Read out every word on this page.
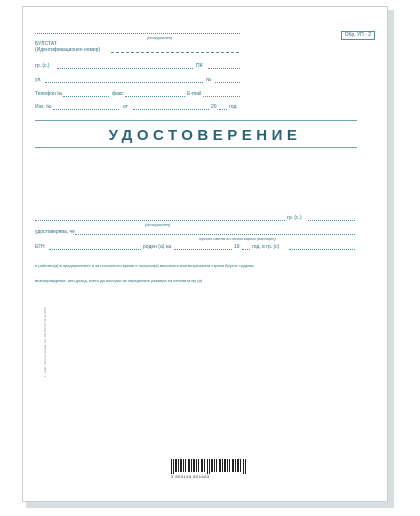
(осигурител)	Обр. УП - 2
БУЛСТАТ
(Идентификационен номер)
гр. (с.)	ПК
ул.	№
Телефон №	факс	E-mail
Изх. №	от	20 год.
УДОСТОВЕРЕНИЕ
(осигурител)
гр. (с.)
удостоверява, че
трите имена по лична карта (паспорт)
ЕГН	роден (а) на	19 год. в гр. (с)
е работил(а) в предприятието и за посоченото време е получил(а) вписаното във вътрешната страна брутно трудово
възнаграждение, или доход, което да послужи за определяне размера на пенсията му (и)
1 - инф. "Фезон" ЕООД, тел. 02/ 839 97 69 за 2008
3 800165 801683
